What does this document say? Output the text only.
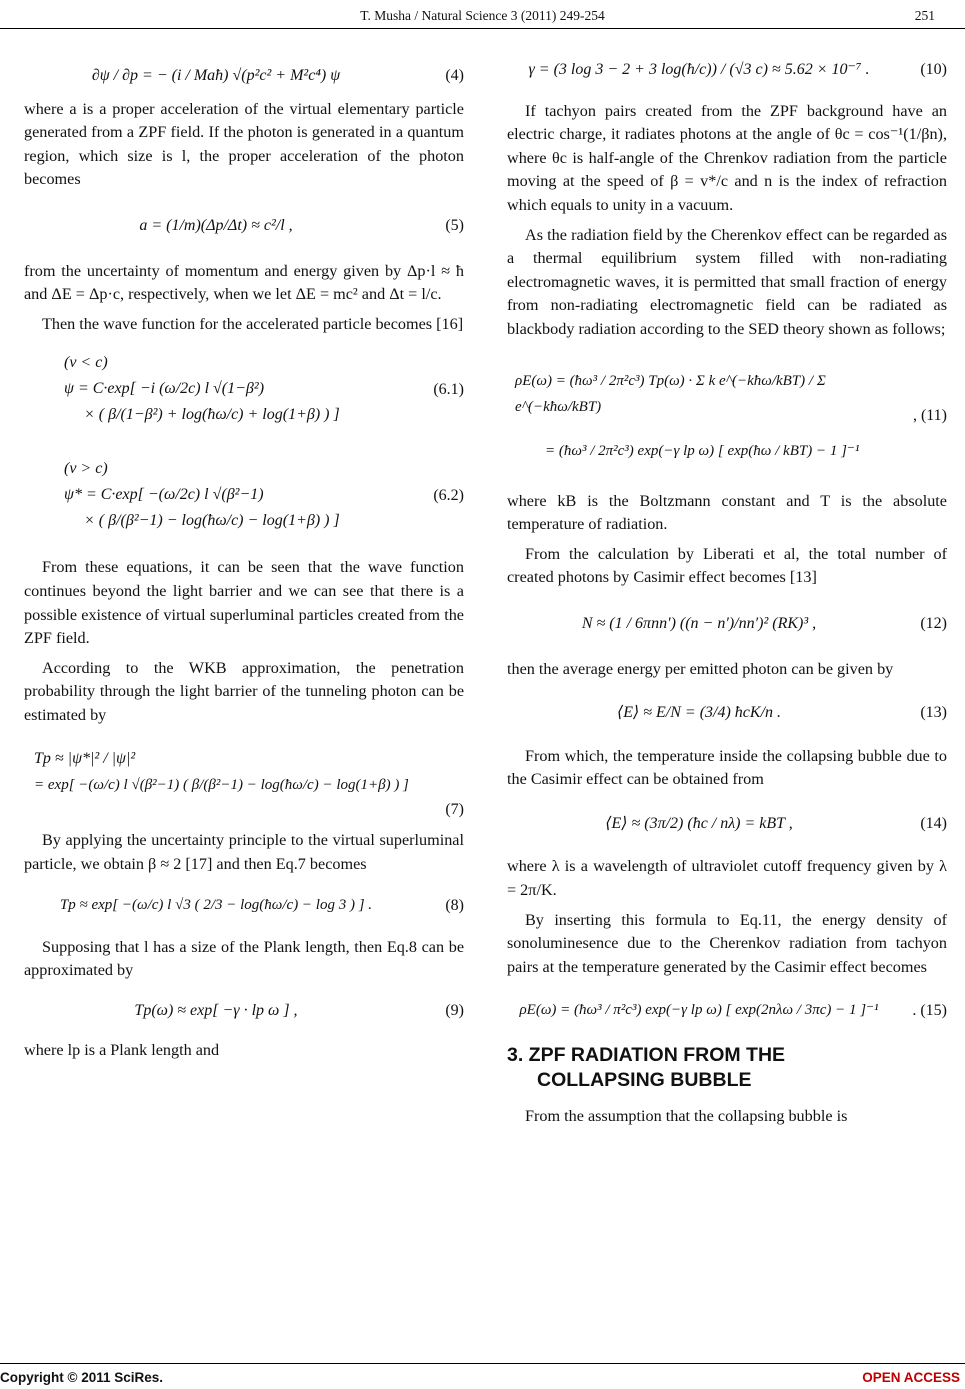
T. Musha / Natural Science 3 (2011) 249-254	251
∂ψ / ∂p = − (i / Maħ) √(p²c² + M²c⁴) ψ	(4)

where a is a proper acceleration of the virtual elementary particle generated from a ZPF field. If the photon is generated in a quantum region, which size is l, the proper acceleration of the photon becomes

a = (1/m)(Δp/Δt) ≈ c²/l ,	(5)

from the uncertainty of momentum and energy given by Δp·l ≈ ħ and ΔE = Δp·c, respectively, when we let ΔE = mc² and Δt = l/c.

Then the wave function for the accelerated particle becomes [16]

(v < c)
ψ = C·exp[ −i (ω/2c) l √(1−β²)
× ( β/(1−β²) + log(ħω/c) + log(1+β) ) ]
(6.1)
(v > c)
ψ* = C·exp[ −(ω/2c) l √(β²−1)
× ( β/(β²−1) − log(ħω/c) − log(1+β) ) ]
(6.2)

From these equations, it can be seen that the wave function continues beyond the light barrier and we can see that there is a possible existence of virtual superluminal particles created from the ZPF field.

According to the WKB approximation, the penetration probability through the light barrier of the tunneling photon can be estimated by

Tp ≈ |ψ*|² / |ψ|²
= exp[ −(ω/c) l √(β²−1) ( β/(β²−1) − log(ħω/c) − log(1+β) ) ]
(7)

By applying the uncertainty principle to the virtual superluminal particle, we obtain β ≈ 2 [17] and then Eq.7 becomes

Tp ≈ exp[ −(ω/c) l √3 ( 2/3 − log(ħω/c) − log 3 ) ] .	(8)

Supposing that l has a size of the Plank length, then Eq.8 can be approximated by

Tp(ω) ≈ exp[ −γ · lp ω ] ,	(9)

where lp is a Plank length and

γ = (3 log 3 − 2 + 3 log(ħ/c)) / (√3 c) ≈ 5.62 × 10⁻⁷ .	(10)

If tachyon pairs created from the ZPF background have an electric charge, it radiates photons at the angle of θc = cos⁻¹(1/βn), where θc is half-angle of the Chrenkov radiation from the particle moving at the speed of β = v*/c and n is the index of refraction which equals to unity in a vacuum.

As the radiation field by the Cherenkov effect can be regarded as a thermal equilibrium system filled with non-radiating electromagnetic waves, it is permitted that small fraction of energy from non-radiating electromagnetic field can be radiated as blackbody radiation according to the SED theory shown as follows;

ρE(ω) = (ħω³ / 2π²c³) Tp(ω) · Σ k e^(−kħω/kBT) / Σ e^(−kħω/kBT)
= (ħω³ / 2π²c³) exp(−γ lp ω) [ exp(ħω / kBT) − 1 ]⁻¹
, (11)

where kB is the Boltzmann constant and T is the absolute temperature of radiation.

From the calculation by Liberati et al, the total number of created photons by Casimir effect becomes [13]

N ≈ (1 / 6πnn′) ((n − n′)/nn′)² (RK)³ ,	(12)

then the average energy per emitted photon can be given by

⟨E⟩ ≈ E/N = (3/4) ħcK/n .	(13)

From which, the temperature inside the collapsing bubble due to the Casimir effect can be obtained from

⟨E⟩ ≈ (3π/2) (ħc / nλ) = kBT ,	(14)

where λ is a wavelength of ultraviolet cutoff frequency given by λ = 2π/K.

By inserting this formula to Eq.11, the energy density of sonoluminesence due to the Cherenkov radiation from tachyon pairs at the temperature generated by the Casimir effect becomes

ρE(ω) = (ħω³ / π²c³) exp(−γ lp ω) [ exp(2nλω / 3πc) − 1 ]⁻¹	. (15)
3. ZPF RADIATION FROM THE
COLLAPSING BUBBLE

From the assumption that the collapsing bubble is

Copyright © 2011 SciRes.	OPEN ACCESS
